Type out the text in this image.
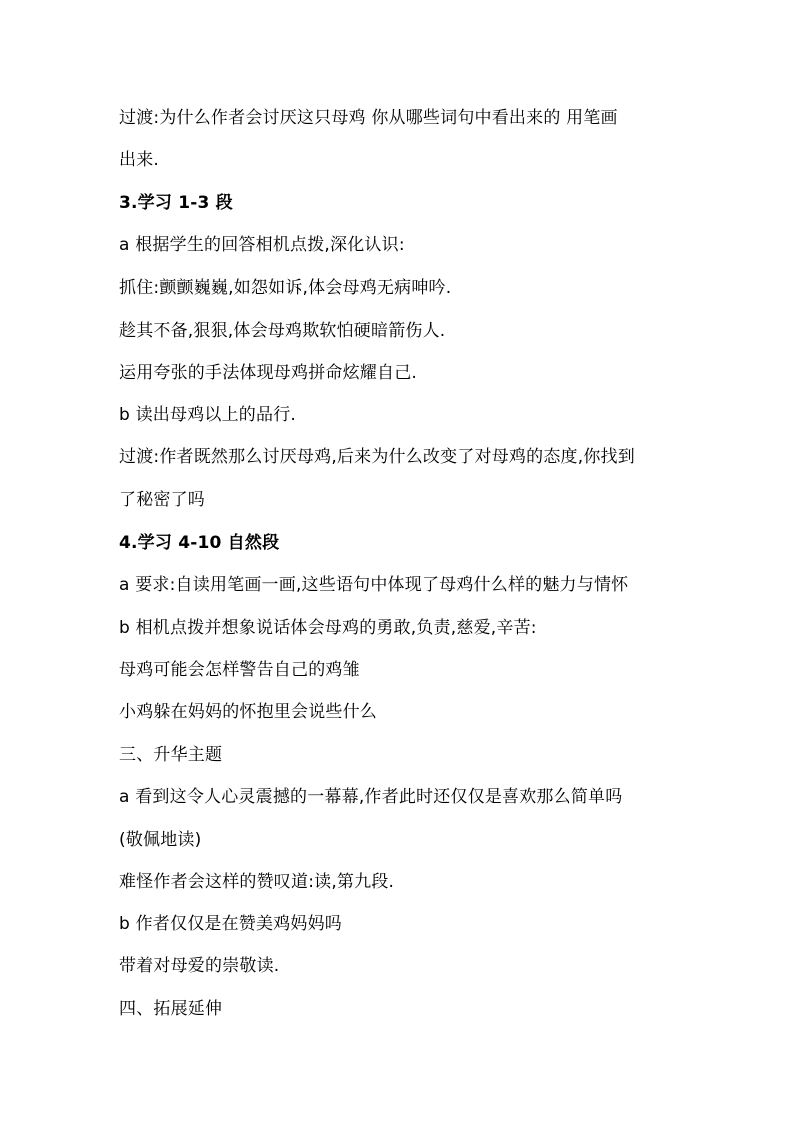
过渡:为什么作者会讨厌这只母鸡 你从哪些词句中看出来的 用笔画
出来.
3.学习 1-3 段
a 根据学生的回答相机点拨,深化认识:
抓住:颤颤巍巍,如怨如诉,体会母鸡无病呻吟.
趁其不备,狠狠,体会母鸡欺软怕硬暗箭伤人.
运用夸张的手法体现母鸡拼命炫耀自己.
b 读出母鸡以上的品行.
过渡:作者既然那么讨厌母鸡,后来为什么改变了对母鸡的态度,你找到
了秘密了吗
4.学习 4-10 自然段
a 要求:自读用笔画一画,这些语句中体现了母鸡什么样的魅力与情怀
b 相机点拨并想象说话体会母鸡的勇敢,负责,慈爱,辛苦:
母鸡可能会怎样警告自己的鸡雏
小鸡躲在妈妈的怀抱里会说些什么
三、升华主题
a 看到这令人心灵震撼的一幕幕,作者此时还仅仅是喜欢那么简单吗
(敬佩地读)
难怪作者会这样的赞叹道:读,第九段.
b 作者仅仅是在赞美鸡妈妈吗
带着对母爱的崇敬读.
四、拓展延伸
